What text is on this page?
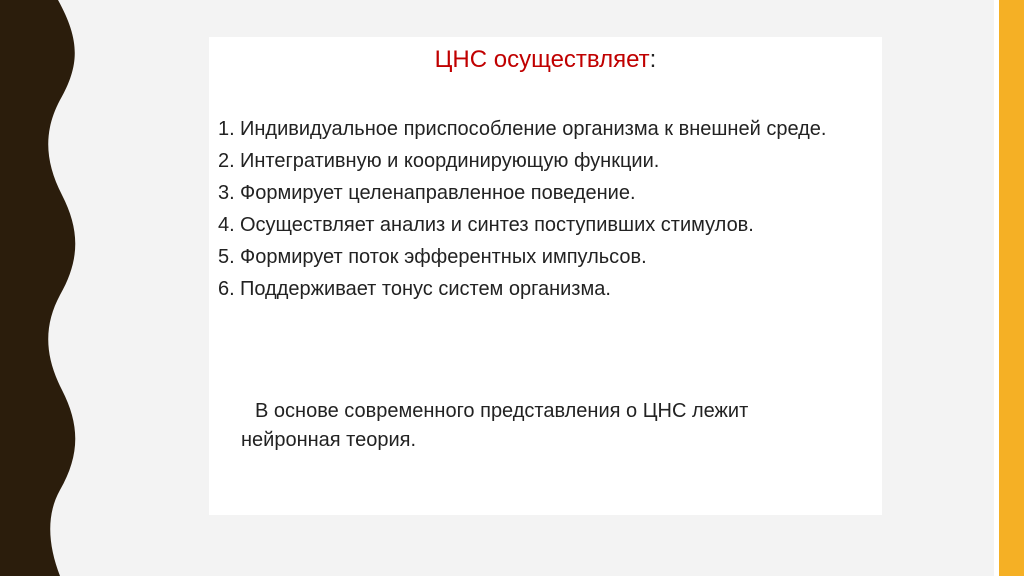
ЦНС осуществляет:
1. Индивидуальное приспособление организма к внешней среде.
2. Интегративную и координирующую функции.
3. Формирует целенаправленное поведение.
4. Осуществляет анализ и синтез поступивших стимулов.
5. Формирует поток эфферентных импульсов.
6. Поддерживает тонус систем организма.
В основе современного представления о ЦНС лежит нейронная теория.
